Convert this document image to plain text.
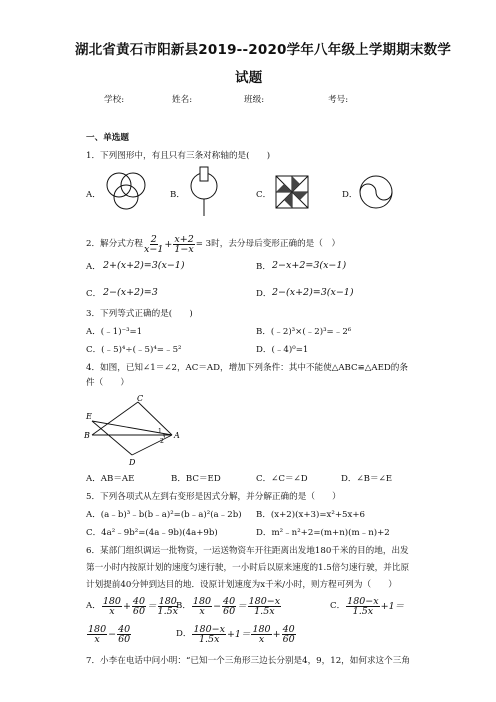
湖北省黄石市阳新县2019--2020学年八年级上学期期末数学
试题
学校:	姓名:	班级:	考号:
一、单选题
1．下列图形中，有且只有三条对称轴的是(　　)
A．	B．	C．	D．
2．解分式方程 $\frac{2}{x-1} + \frac{x+2}{1-x} = 3$时，去分母后变形正确的是（　）
A． 2+(x+2)=3(x−1)	B． 2−x+2=3(x−1)
C． 2−(x+2)=3	D． 2−(x+2)=3(x−1)
3．下列等式正确的是(　　)
A．(﹣1)⁻³=1	B．(﹣2)³×(﹣2)³=﹣2⁶
C．(﹣5)⁴÷(﹣5)⁴=﹣5²	D．(﹣4)⁰=1
4．如图，已知∠1＝∠2，AC＝AD，增加下列条件：其中不能使△ABC≌△AED的条
件（　　）
C
E
B	A
D
1
2
A．AB＝AE	B．BC＝ED	C．∠C＝∠D	D．∠B＝∠E
5．下列各项式从左到右变形是因式分解，并分解正确的是（　　）
A．(a﹣b)³﹣b(b﹣a)²=(b﹣a)²(a﹣2b) B．(x+2)(x+3)=x²+5x+6
C．4a²﹣9b²=(4a﹣9b)(4a+9b)	D．m²﹣n²+2=(m+n)(m﹣n)+2
6．某部门组织调运一批物资，一运送物资车开往距离出发地180千米的目的地，出发
第一小时内按原计划的速度匀速行驶，一小时后以原来速度的1.5倍匀速行驶，并比原
计划提前40分钟到达目的地．设原计划速度为x千米/小时，则方程可列为（　　）
A． $\frac{180}{x} + \frac{40}{60} = \frac{180}{1.5x}$
B． $\frac{180}{x} - \frac{40}{60} = \frac{180-x}{1.5x}$	C． $\frac{180-x}{1.5x} +1=$
$\frac{180}{x} - \frac{40}{60}$	D． $\frac{180-x}{1.5x} +1= \frac{180}{x} + \frac{40}{60}$
7．小李在电话中问小明：“已知一个三角形三边长分别是4，9，12，如何求这个三角
